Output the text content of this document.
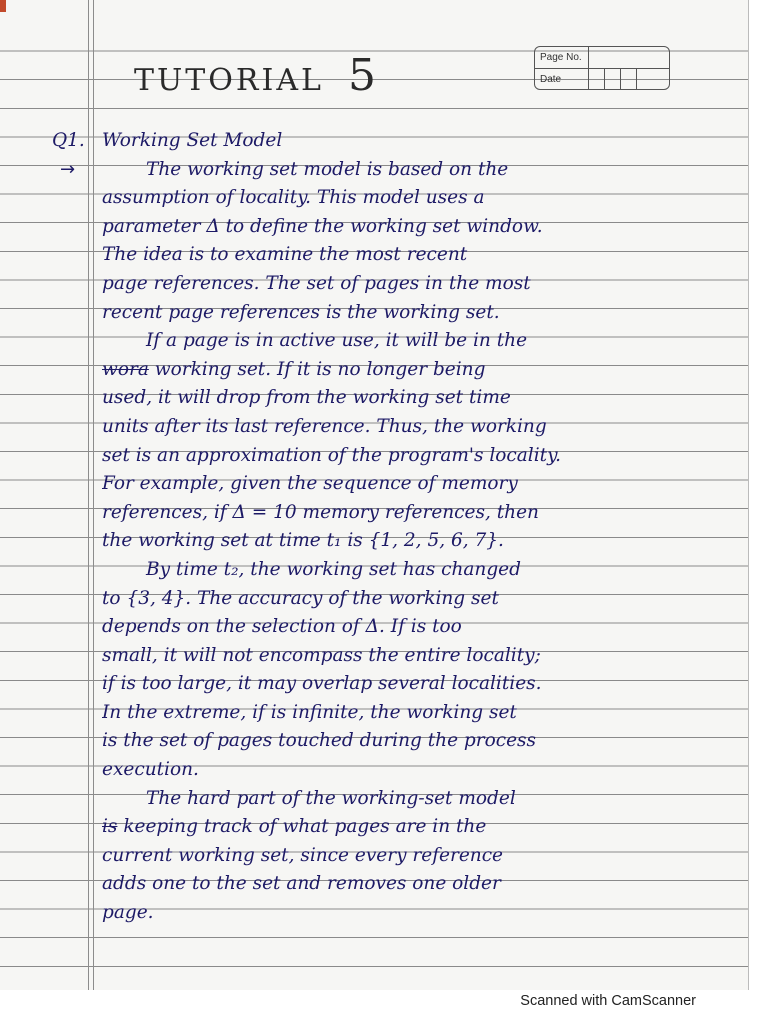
TUTORIAL 5	Page No.
Date
Q1.
→
Working Set Model
The working set model is based on the
assumption of locality. This model uses a
parameter Δ to define the working set window.
The idea is to examine the most recent
page references. The set of pages in the most
recent page references is the working set.
If a page is in active use, it will be in the
wora working set. If it is no longer being
used, it will drop from the working set time
units after its last reference. Thus, the working
set is an approximation of the program's locality.
For example, given the sequence of memory
references, if Δ = 10 memory references, then
the working set at time t₁ is {1, 2, 5, 6, 7}.
By time t₂, the working set has changed
to {3, 4}. The accuracy of the working set
depends on the selection of Δ. If is too
small, it will not encompass the entire locality;
if is too large, it may overlap several localities.
In the extreme, if is infinite, the working set
is the set of pages touched during the process
execution.
The hard part of the working-set model
is keeping track of what pages are in the
current working set, since every reference
adds one to the set and removes one older
page.
Scanned with CamScanner
